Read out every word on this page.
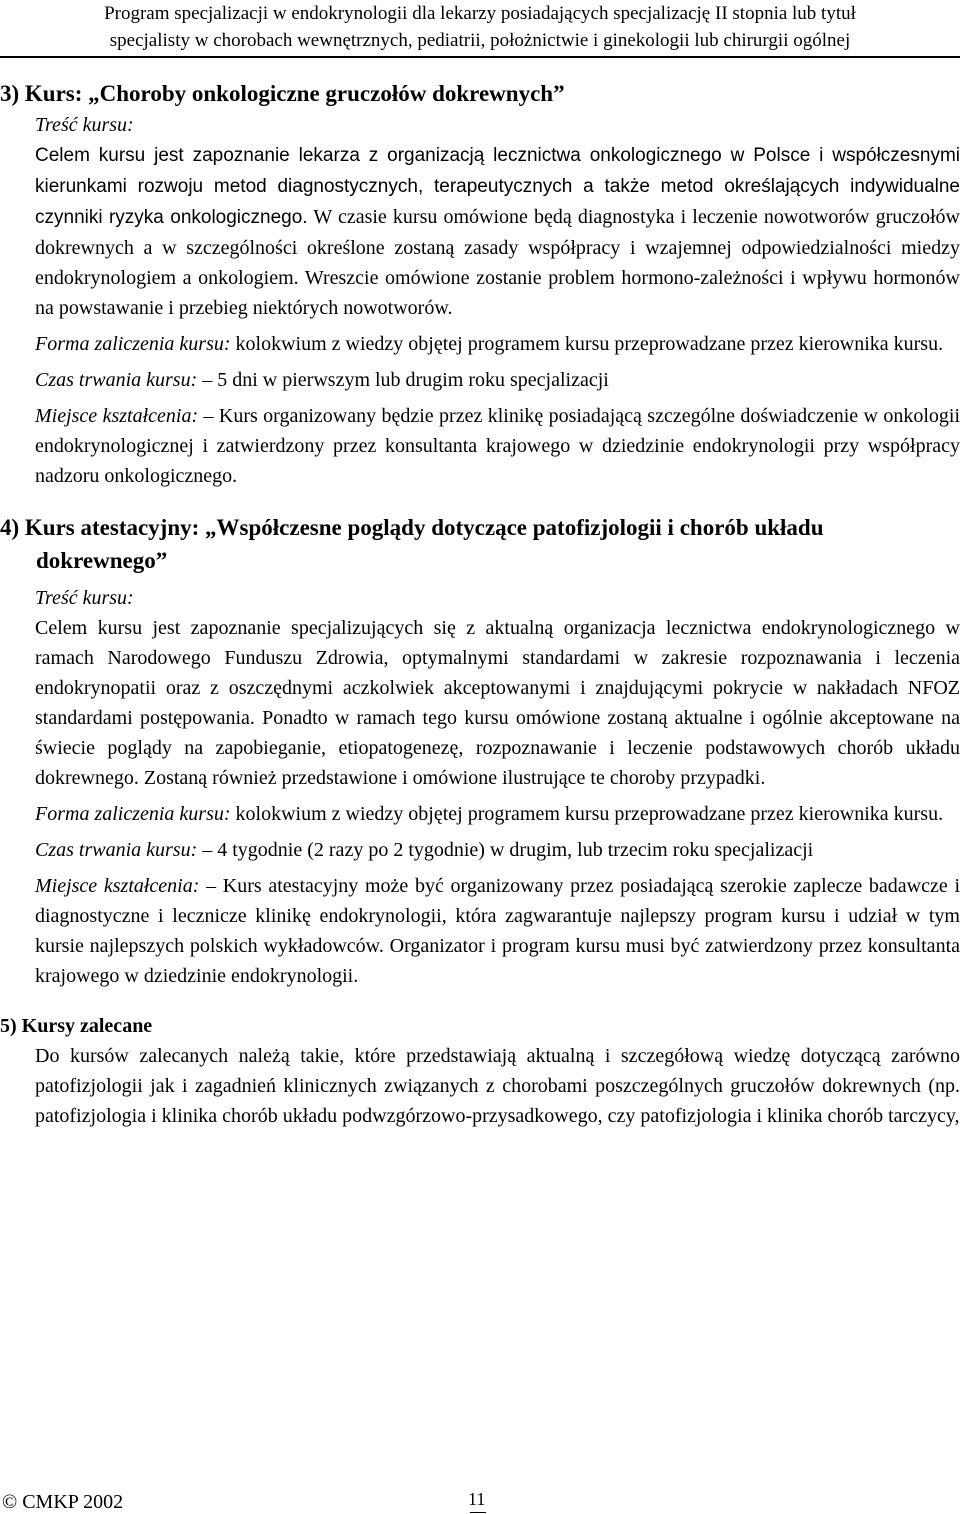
Program specjalizacji w endokrynologii dla lekarzy posiadających specjalizację II stopnia lub tytuł
specjalisty w chorobach wewnętrznych, pediatrii, położnictwie i ginekologii lub chirurgii ogólnej
3) Kurs: „Choroby onkologiczne gruczołów dokrewnych”
Treść kursu:

Celem kursu jest zapoznanie lekarza z organizacją lecznictwa onkologicznego w Polsce i współczesnymi kierunkami rozwoju metod diagnostycznych, terapeutycznych a także metod określających indywidualne czynniki ryzyka onkologicznego. W czasie kursu omówione będą diagnostyka i leczenie nowotworów gruczołów dokrewnych a w szczególności określone zostaną zasady współpracy i wzajemnej odpowiedzialności miedzy endokrynologiem a onkologiem. Wreszcie omówione zostanie problem hormono-zależności i wpływu hormonów na powstawanie i przebieg niektórych nowotworów.

Forma zaliczenia kursu: kolokwium z wiedzy objętej programem kursu przeprowadzane przez kierownika kursu.

Czas trwania kursu: – 5 dni w pierwszym lub drugim roku specjalizacji

Miejsce kształcenia: – Kurs organizowany będzie przez klinikę posiadającą szczególne doświadczenie w onkologii endokrynologicznej i zatwierdzony przez konsultanta krajowego w dziedzinie endokrynologii przy współpracy nadzoru onkologicznego.

4) Kurs atestacyjny: „Współczesne poglądy dotyczące patofizjologii i chorób układu dokrewnego”
Treść kursu:

Celem kursu jest zapoznanie specjalizujących się z aktualną organizacja lecznictwa endokrynologicznego w ramach Narodowego Funduszu Zdrowia, optymalnymi standardami w zakresie rozpoznawania i leczenia endokrynopatii oraz z oszczędnymi aczkolwiek akceptowanymi i znajdującymi pokrycie w nakładach NFOZ standardami postępowania. Ponadto w ramach tego kursu omówione zostaną aktualne i ogólnie akceptowane na świecie poglądy na zapobieganie, etiopatogenezę, rozpoznawanie i leczenie podstawowych chorób układu dokrewnego. Zostaną również przedstawione i omówione ilustrujące te choroby przypadki.

Forma zaliczenia kursu: kolokwium z wiedzy objętej programem kursu przeprowadzane przez kierownika kursu.

Czas trwania kursu: – 4 tygodnie (2 razy po 2 tygodnie) w drugim, lub trzecim roku specjalizacji

Miejsce kształcenia: – Kurs atestacyjny może być organizowany przez posiadającą szerokie zaplecze badawcze i diagnostyczne i lecznicze klinikę endokrynologii, która zagwarantuje najlepszy program kursu i udział w tym kursie najlepszych polskich wykładowców. Organizator i program kursu musi być zatwierdzony przez konsultanta krajowego w dziedzinie endokrynologii.

5) Kursy zalecane

Do kursów zalecanych należą takie, które przedstawiają aktualną i szczegółową wiedzę dotyczącą zarówno patofizjologii jak i zagadnień klinicznych związanych z chorobami poszczególnych gruczołów dokrewnych (np. patofizjologia i klinika chorób układu podwzgórzowo-przysadkowego, czy patofizjologia i klinika chorób tarczycy,

© CMKP 2002	11
